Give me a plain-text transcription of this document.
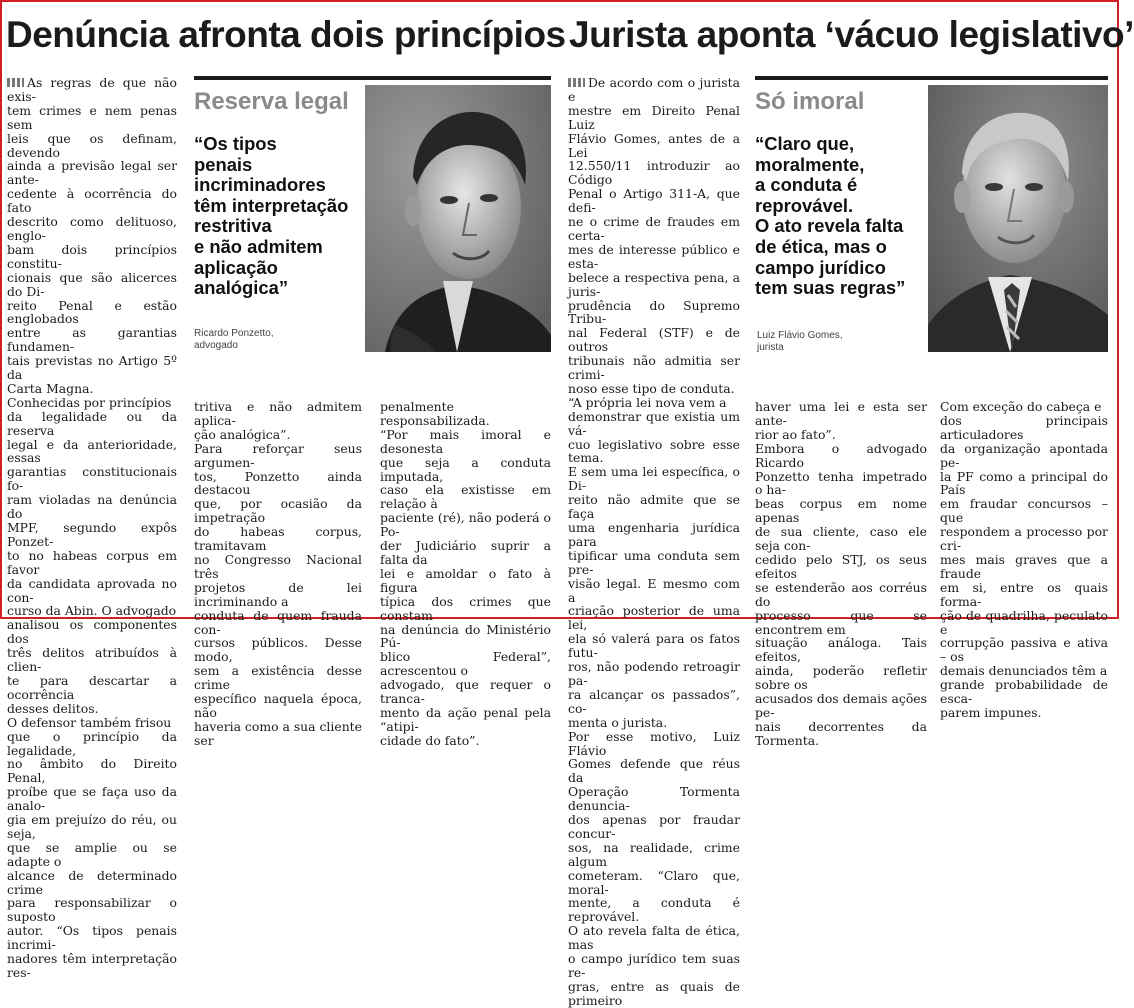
Denúncia afronta dois princípios
As regras de que não exis-
tem crimes e nem penas sem
leis que os definam, devendo
ainda a previsão legal ser ante-
cedente à ocorrência do fato
descrito como delituoso, englo-
bam dois princípios constitu-
cionais que são alicerces do Di-
reito Penal e estão englobados
entre as garantias fundamen-
tais previstas no Artigo 5º da
Carta Magna.
Conhecidas por princípios
da legalidade ou da reserva
legal e da anterioridade, essas
garantias constitucionais fo-
ram violadas na denúncia do
MPF, segundo expôs Ponzet-
to no habeas corpus em favor
da candidata aprovada no con-
curso da Abin. O advogado
analisou os componentes dos
três delitos atribuídos à clien-
te para descartar a ocorrência
desses delitos.
O defensor também frisou
que o princípio da legalidade,
no âmbito do Direito Penal,
proíbe que se faça uso da analo-
gia em prejuízo do réu, ou seja,
que se amplie ou se adapte o
alcance de determinado crime
para responsabilizar o suposto
autor. “Os tipos penais incrimi-
nadores têm interpretação res-
Reserva legal
“Os tipos
penais
incriminadores
têm interpretação
restritiva
e não admitem
aplicação
analógica”
Ricardo Ponzetto,
advogado
tritiva e não admitem aplica-
ção analógica”.
Para reforçar seus argumen-
tos, Ponzetto ainda destacou
que, por ocasião da impetração
do habeas corpus, tramitavam
no Congresso Nacional três
projetos de lei incriminando a
conduta de quem frauda con-
cursos públicos. Desse modo,
sem a existência desse crime
específico naquela época, não
haveria como a sua cliente ser
penalmente responsabilizada.
“Por mais imoral e desonesta
que seja a conduta imputada,
caso ela existisse em relação à
paciente (ré), não poderá o Po-
der Judiciário suprir a falta da
lei e amoldar o fato à figura
típica dos crimes que constam
na denúncia do Ministério Pú-
blico Federal”, acrescentou o
advogado, que requer o tranca-
mento da ação penal pela “atipi-
cidade do fato”.
Jurista aponta ‘vácuo legislativo’
De acordo com o jurista e
mestre em Direito Penal Luiz
Flávio Gomes, antes de a Lei
12.550/11 introduzir ao Código
Penal o Artigo 311-A, que defi-
ne o crime de fraudes em certa-
mes de interesse público e esta-
belece a respectiva pena, a juris-
prudência do Supremo Tribu-
nal Federal (STF) e de outros
tribunais não admitia ser crimi-
noso esse tipo de conduta.
“A própria lei nova vem a
demonstrar que existia um vá-
cuo legislativo sobre esse tema.
E sem uma lei específica, o Di-
reito não admite que se faça
uma engenharia jurídica para
tipificar uma conduta sem pre-
visão legal. E mesmo com a
criação posterior de uma lei,
ela só valerá para os fatos futu-
ros, não podendo retroagir pa-
ra alcançar os passados”, co-
menta o jurista.
Por esse motivo, Luiz Flávio
Gomes defende que réus da
Operação Tormenta denuncia-
dos apenas por fraudar concur-
sos, na realidade, crime algum
cometeram. “Claro que, moral-
mente, a conduta é reprovável.
O ato revela falta de ética, mas
o campo jurídico tem suas re-
gras, entre as quais de primeiro
Só imoral
“Claro que,
moralmente,
a conduta é
reprovável.
O ato revela falta
de ética, mas o
campo jurídico
tem suas regras”
Luiz Flávio Gomes,
jurista
haver uma lei e esta ser ante-
rior ao fato”.
Embora o advogado Ricardo
Ponzetto tenha impetrado o ha-
beas corpus em nome apenas
de sua cliente, caso ele seja con-
cedido pelo STJ, os seus efeitos
se estenderão aos corréus do
processo que se encontrem em
situação análoga. Tais efeitos,
ainda, poderão refletir sobre os
acusados dos demais ações pe-
nais decorrentes da Tormenta.
Com exceção do cabeça e
dos principais articuladores
da organização apontada pe-
la PF como a principal do País
em fraudar concursos – que
respondem a processo por cri-
mes mais graves que a fraude
em si, entre os quais forma-
ção de quadrilha, peculato e
corrupção passiva e ativa – os
demais denunciados têm a
grande probabilidade de esca-
parem impunes.
